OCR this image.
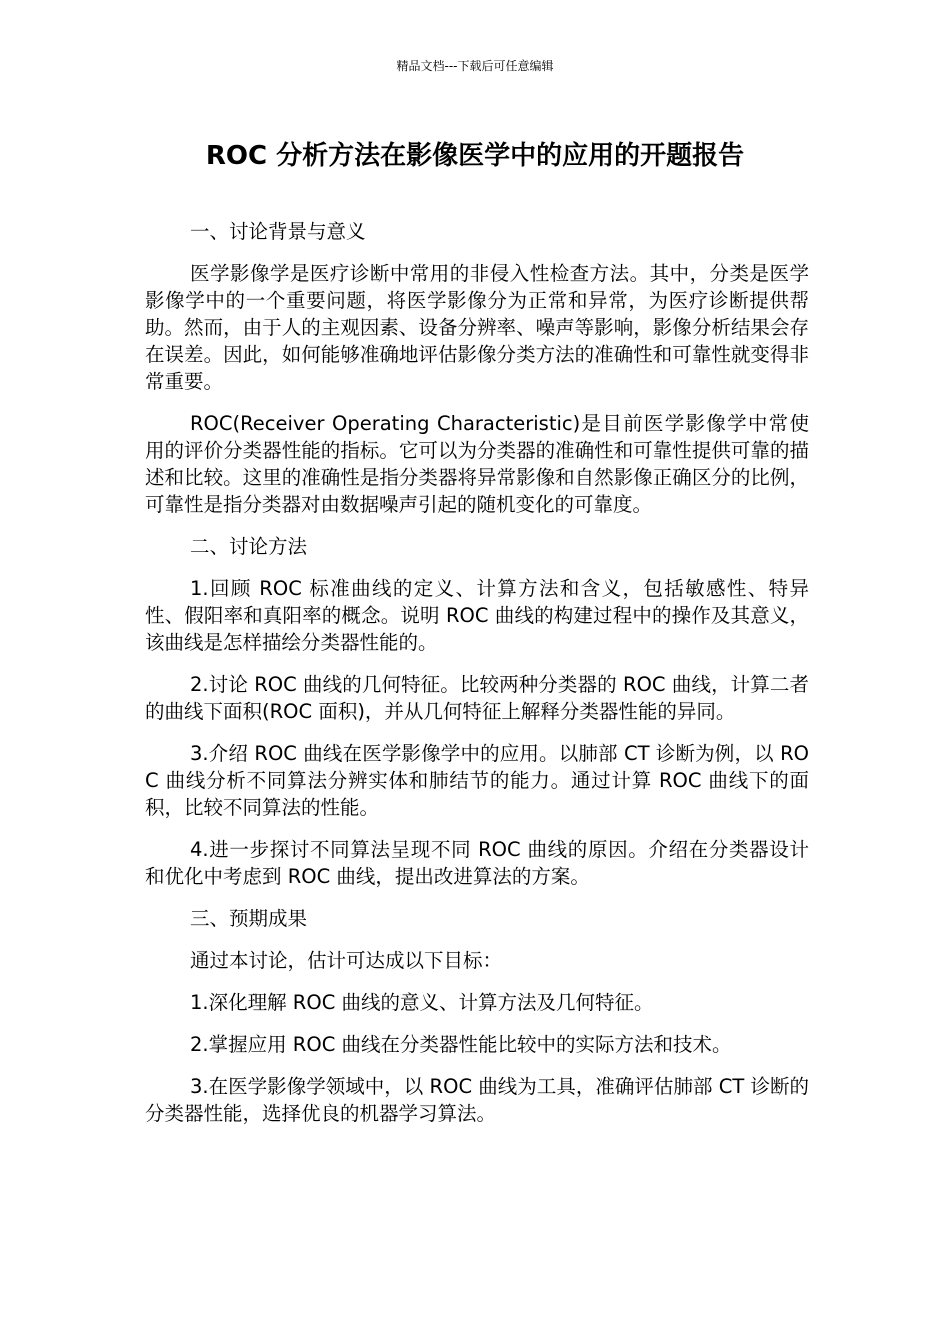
精品文档---下载后可任意编辑
ROC 分析方法在影像医学中的应用的开题报告

一、讨论背景与意义

医学影像学是医疗诊断中常用的非侵入性检查方法。其中，分类是医学影像学中的一个重要问题，将医学影像分为正常和异常，为医疗诊断提供帮助。然而，由于人的主观因素、设备分辨率、噪声等影响，影像分析结果会存在误差。因此，如何能够准确地评估影像分类方法的准确性和可靠性就变得非常重要。

ROC(Receiver Operating Characteristic)是目前医学影像学中常使用的评价分类器性能的指标。它可以为分类器的准确性和可靠性提供可靠的描述和比较。这里的准确性是指分类器将异常影像和自然影像正确区分的比例，可靠性是指分类器对由数据噪声引起的随机变化的可靠度。

二、讨论方法

1.回顾 ROC 标准曲线的定义、计算方法和含义，包括敏感性、特异性、假阳率和真阳率的概念。说明 ROC 曲线的构建过程中的操作及其意义，该曲线是怎样描绘分类器性能的。

2.讨论 ROC 曲线的几何特征。比较两种分类器的 ROC 曲线，计算二者的曲线下面积(ROC 面积)，并从几何特征上解释分类器性能的异同。

3.介绍 ROC 曲线在医学影像学中的应用。以肺部 CT 诊断为例，以 ROC 曲线分析不同算法分辨实体和肺结节的能力。通过计算 ROC 曲线下的面积，比较不同算法的性能。

4.进一步探讨不同算法呈现不同 ROC 曲线的原因。介绍在分类器设计和优化中考虑到 ROC 曲线，提出改进算法的方案。

三、预期成果

通过本讨论，估计可达成以下目标：

1.深化理解 ROC 曲线的意义、计算方法及几何特征。

2.掌握应用 ROC 曲线在分类器性能比较中的实际方法和技术。

3.在医学影像学领域中，以 ROC 曲线为工具，准确评估肺部 CT 诊断的分类器性能，选择优良的机器学习算法。
